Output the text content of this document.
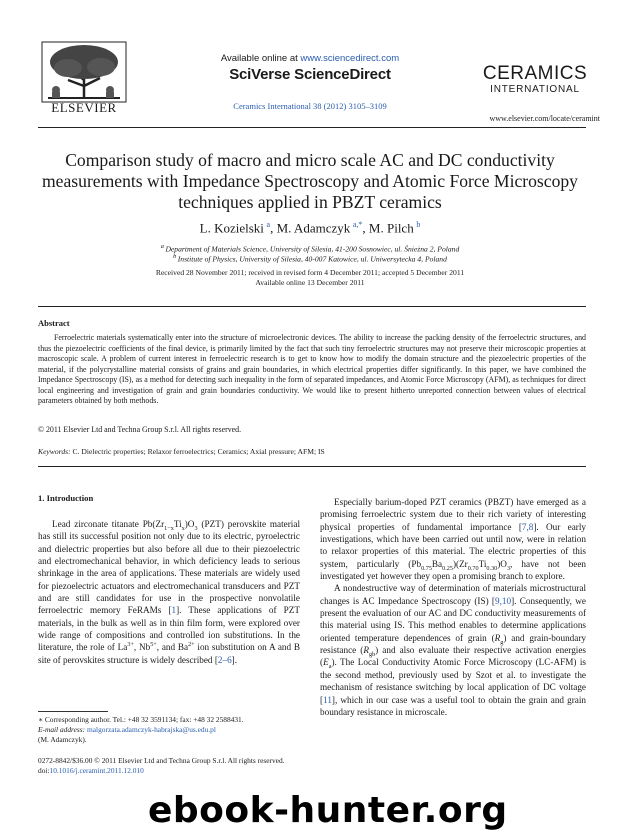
ELSEVIER
Available online at www.sciencedirect.com
SciVerse ScienceDirect
Ceramics International 38 (2012) 3105–3109
CERAMICS
INTERNATIONAL
www.elsevier.com/locate/ceramint
Comparison study of macro and micro scale AC and DC conductivity measurements with Impedance Spectroscopy and Atomic Force Microscopy techniques applied in PBZT ceramics
L. Kozielski  $^a$, M. Adamczyk  $^{a,*}$, M. Pilch  $^b$
$^a$  Department of Materials Science, University of Silesia, 41-200 Sosnowiec, ul. Śnieżna 2, Poland
$^b$  Institute of Physics, University of Silesia, 40-007 Katowice, ul. Uniwersytecka 4, Poland
Received 28 November 2011; received in revised form 4 December 2011; accepted 5 December 2011
Available online 13 December 2011
Abstract

Ferroelectric materials systematically enter into the structure of microelectronic devices. The ability to increase the packing density of the ferroelectric structures, and thus the piezoelectric coefficients of the final device, is primarily limited by the fact that such tiny ferroelectric structures may not preserve their microscopic properties at macroscopic scale. A problem of current interest in ferroelectric research is to get to know how to modify the domain structure and the piezoelectric properties of the material, if the polycrystalline material consists of grains and grain boundaries, in which electrical properties differ significantly. In this paper, we have combined the Impedance Spectroscopy (IS), as a method for detecting such inequality in the form of separated impedances, and Atomic Force Microscopy (AFM), as techniques for direct local engineering and investigation of grain and grain boundaries conductivity. We would like to present hitherto unreported connection between values of electrical parameters obtained by both methods.

© 2011 Elsevier Ltd and Techna Group S.r.l. All rights reserved.
Keywords: C. Dielectric properties; Relaxor ferroelectrics; Ceramics; Axial pressure; AFM; IS
1. Introduction

Lead zirconate titanate $Pb(Zr_{1-x}Ti_x)O_3$ (PZT) perovskite material has still its successful position not only due to its electric, pyroelectric and dielectric properties but also before all due to their piezoelectric and electromechanical behavior, in which deficiency leads to serious shrinkage in the area of applications. These materials are widely used for piezoelectric actuators and electromechanical transducers and PZT and are still candidates for use in the prospective nonvolatile ferroelectric memory FeRAMs [1]. These applications of PZT materials, in the bulk as well as in thin film form, were explored over wide range of compositions and controlled ion substitutions. In the literature, the role of $La^{3+}$, $Nb^{5+}$, and $Ba^{2+}$ ion substitution on A and B site of perovskites structure is widely described [2–6].

Especially barium-doped PZT ceramics (PBZT) have emerged as a promising ferroelectric system due to their rich variety of interesting physical properties of fundamental importance [7,8]. Our early investigations, which have been carried out until now, were in relation to relaxor properties of this material. The electric properties of this system, particularly $(Pb_{0.75}Ba_{0.25})(Zr_{0.70}Ti_{0.30})O_3$, have not been investigated yet however they open a promising branch to explore.

A nondestructive way of determination of materials microstructural changes is AC Impedance Spectroscopy (IS) [9,10]. Consequently, we present the evaluation of our AC and DC conductivity measurements of this material using IS. This method enables to determine applications oriented temperature dependences of grain $(R_g)$ and grain-boundary resistance $(R_{gb})$ and also evaluate their respective activation energies $(E_a)$. The Local Conductivity Atomic Force Microscopy (LC-AFM) is the second method, previously used by Szot et al. to investigate the mechanism of resistance switching by local application of DC voltage [11], which in our case was a useful tool to obtain the grain and grain boundary resistance in microscale.

∗ Corresponding author. Tel.: +48 32 3591134; fax: +48 32 2588431.
E-mail address: malgorzata.adamczyk-habrajska@us.edu.pl
(M. Adamczyk).
0272-8842/$36.00 © 2011 Elsevier Ltd and Techna Group S.r.l. All rights reserved.
doi:10.1016/j.ceramint.2011.12.010
ebook-hunter.org
